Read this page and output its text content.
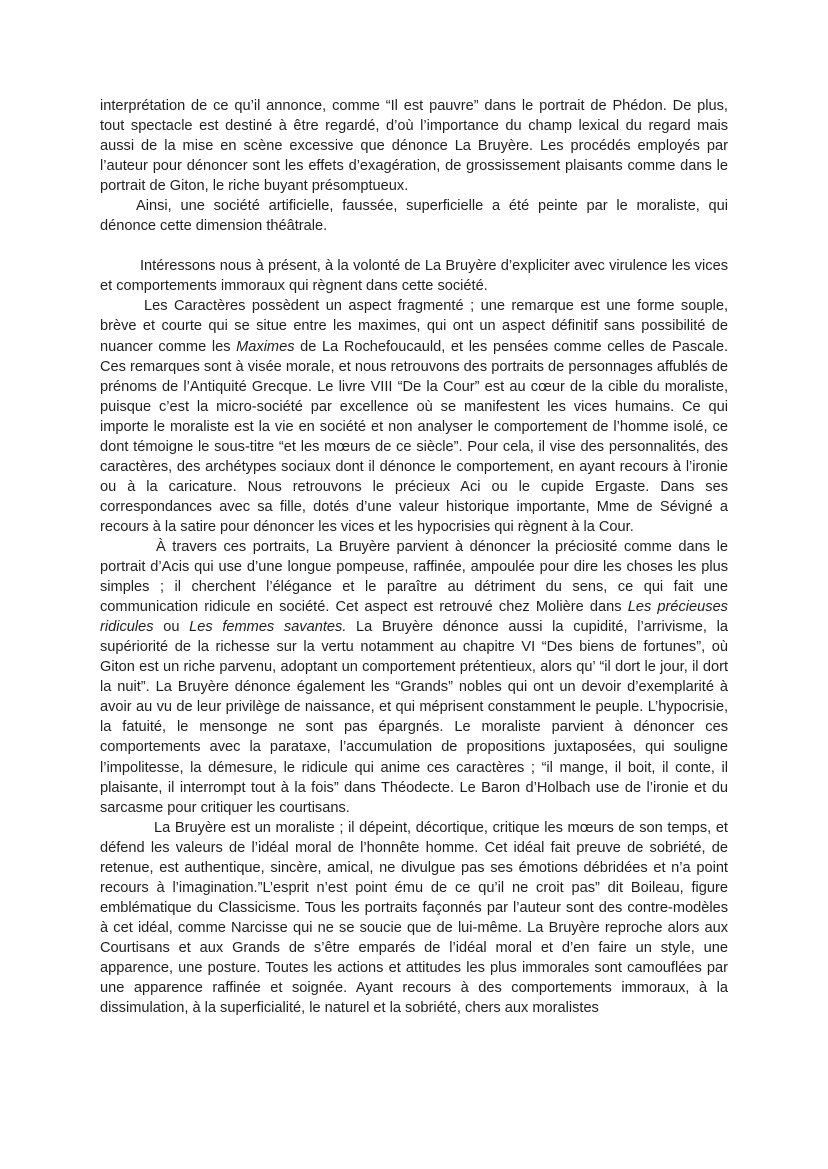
interprétation de ce qu’il annonce, comme “Il est pauvre” dans le portrait de Phédon. De plus, tout spectacle est destiné à être regardé, d’où l’importance du champ lexical du regard mais aussi de la mise en scène excessive que dénonce La Bruyère. Les procédés employés par l’auteur pour dénoncer sont les effets d’exagération, de grossissement plaisants comme dans le portrait de Giton, le riche buyant présomptueux.

Ainsi, une société artificielle, faussée, superficielle a été peinte par le moraliste, qui dénonce cette dimension théâtrale.

Intéressons nous à présent, à la volonté de La Bruyère d’expliciter avec virulence les vices et comportements immoraux qui règnent dans cette société.

Les Caractères possèdent un aspect fragmenté ; une remarque est une forme souple, brève et courte qui se situe entre les maximes, qui ont un aspect définitif sans possibilité de nuancer comme les Maximes de La Rochefoucauld, et les pensées comme celles de Pascale. Ces remarques sont à visée morale, et nous retrouvons des portraits de personnages affublés de prénoms de l’Antiquité Grecque. Le livre VIII “De la Cour” est au cœur de la cible du moraliste, puisque c’est la micro-société par excellence où se manifestent les vices humains. Ce qui importe le moraliste est la vie en société et non analyser le comportement de l’homme isolé, ce dont témoigne le sous-titre “et les mœurs de ce siècle”. Pour cela, il vise des personnalités, des caractères, des archétypes sociaux dont il dénonce le comportement, en ayant recours à l’ironie ou à la caricature. Nous retrouvons le précieux Aci ou le cupide Ergaste. Dans ses correspondances avec sa fille, dotés d’une valeur historique importante, Mme de Sévigné a recours à la satire pour dénoncer les vices et les hypocrisies qui règnent à la Cour.

À travers ces portraits, La Bruyère parvient à dénoncer la préciosité comme dans le portrait d’Acis qui use d’une longue pompeuse, raffinée, ampoulée pour dire les choses les plus simples ; il cherchent l’élégance et le paraître au détriment du sens, ce qui fait une communication ridicule en société. Cet aspect est retrouvé chez Molière dans Les précieuses ridicules ou Les femmes savantes. La Bruyère dénonce aussi la cupidité, l’arrivisme, la supériorité de la richesse sur la vertu notamment au chapitre VI “Des biens de fortunes”, où Giton est un riche parvenu, adoptant un comportement prétentieux, alors qu’ “il dort le jour, il dort la nuit”. La Bruyère dénonce également les “Grands” nobles qui ont un devoir d’exemplarité à avoir au vu de leur privilège de naissance, et qui méprisent constamment le peuple. L’hypocrisie, la fatuité, le mensonge ne sont pas épargnés. Le moraliste parvient à dénoncer ces comportements avec la parataxe, l’accumulation de propositions juxtaposées, qui souligne l’impolitesse, la démesure, le ridicule qui anime ces caractères ; “il mange, il boit, il conte, il plaisante, il interrompt tout à la fois” dans Théodecte. Le Baron d’Holbach use de l’ironie et du sarcasme pour critiquer les courtisans.

La Bruyère est un moraliste ; il dépeint, décortique, critique les mœurs de son temps, et défend les valeurs de l’idéal moral de l’honnête homme. Cet idéal fait preuve de sobriété, de retenue, est authentique, sincère, amical, ne divulgue pas ses émotions débridées et n’a point recours à l’imagination.”L’esprit n’est point ému de ce qu’il ne croit pas” dit Boileau, figure emblématique du Classicisme. Tous les portraits façonnés par l’auteur sont des contre-modèles à cet idéal, comme Narcisse qui ne se soucie que de lui-même. La Bruyère reproche alors aux Courtisans et aux Grands de s’être emparés de l’idéal moral et d’en faire un style, une apparence, une posture. Toutes les actions et attitudes les plus immorales sont camouflées par une apparence raffinée et soignée. Ayant recours à des comportements immoraux, à la dissimulation, à la superficialité, le naturel et la sobriété, chers aux moralistes
